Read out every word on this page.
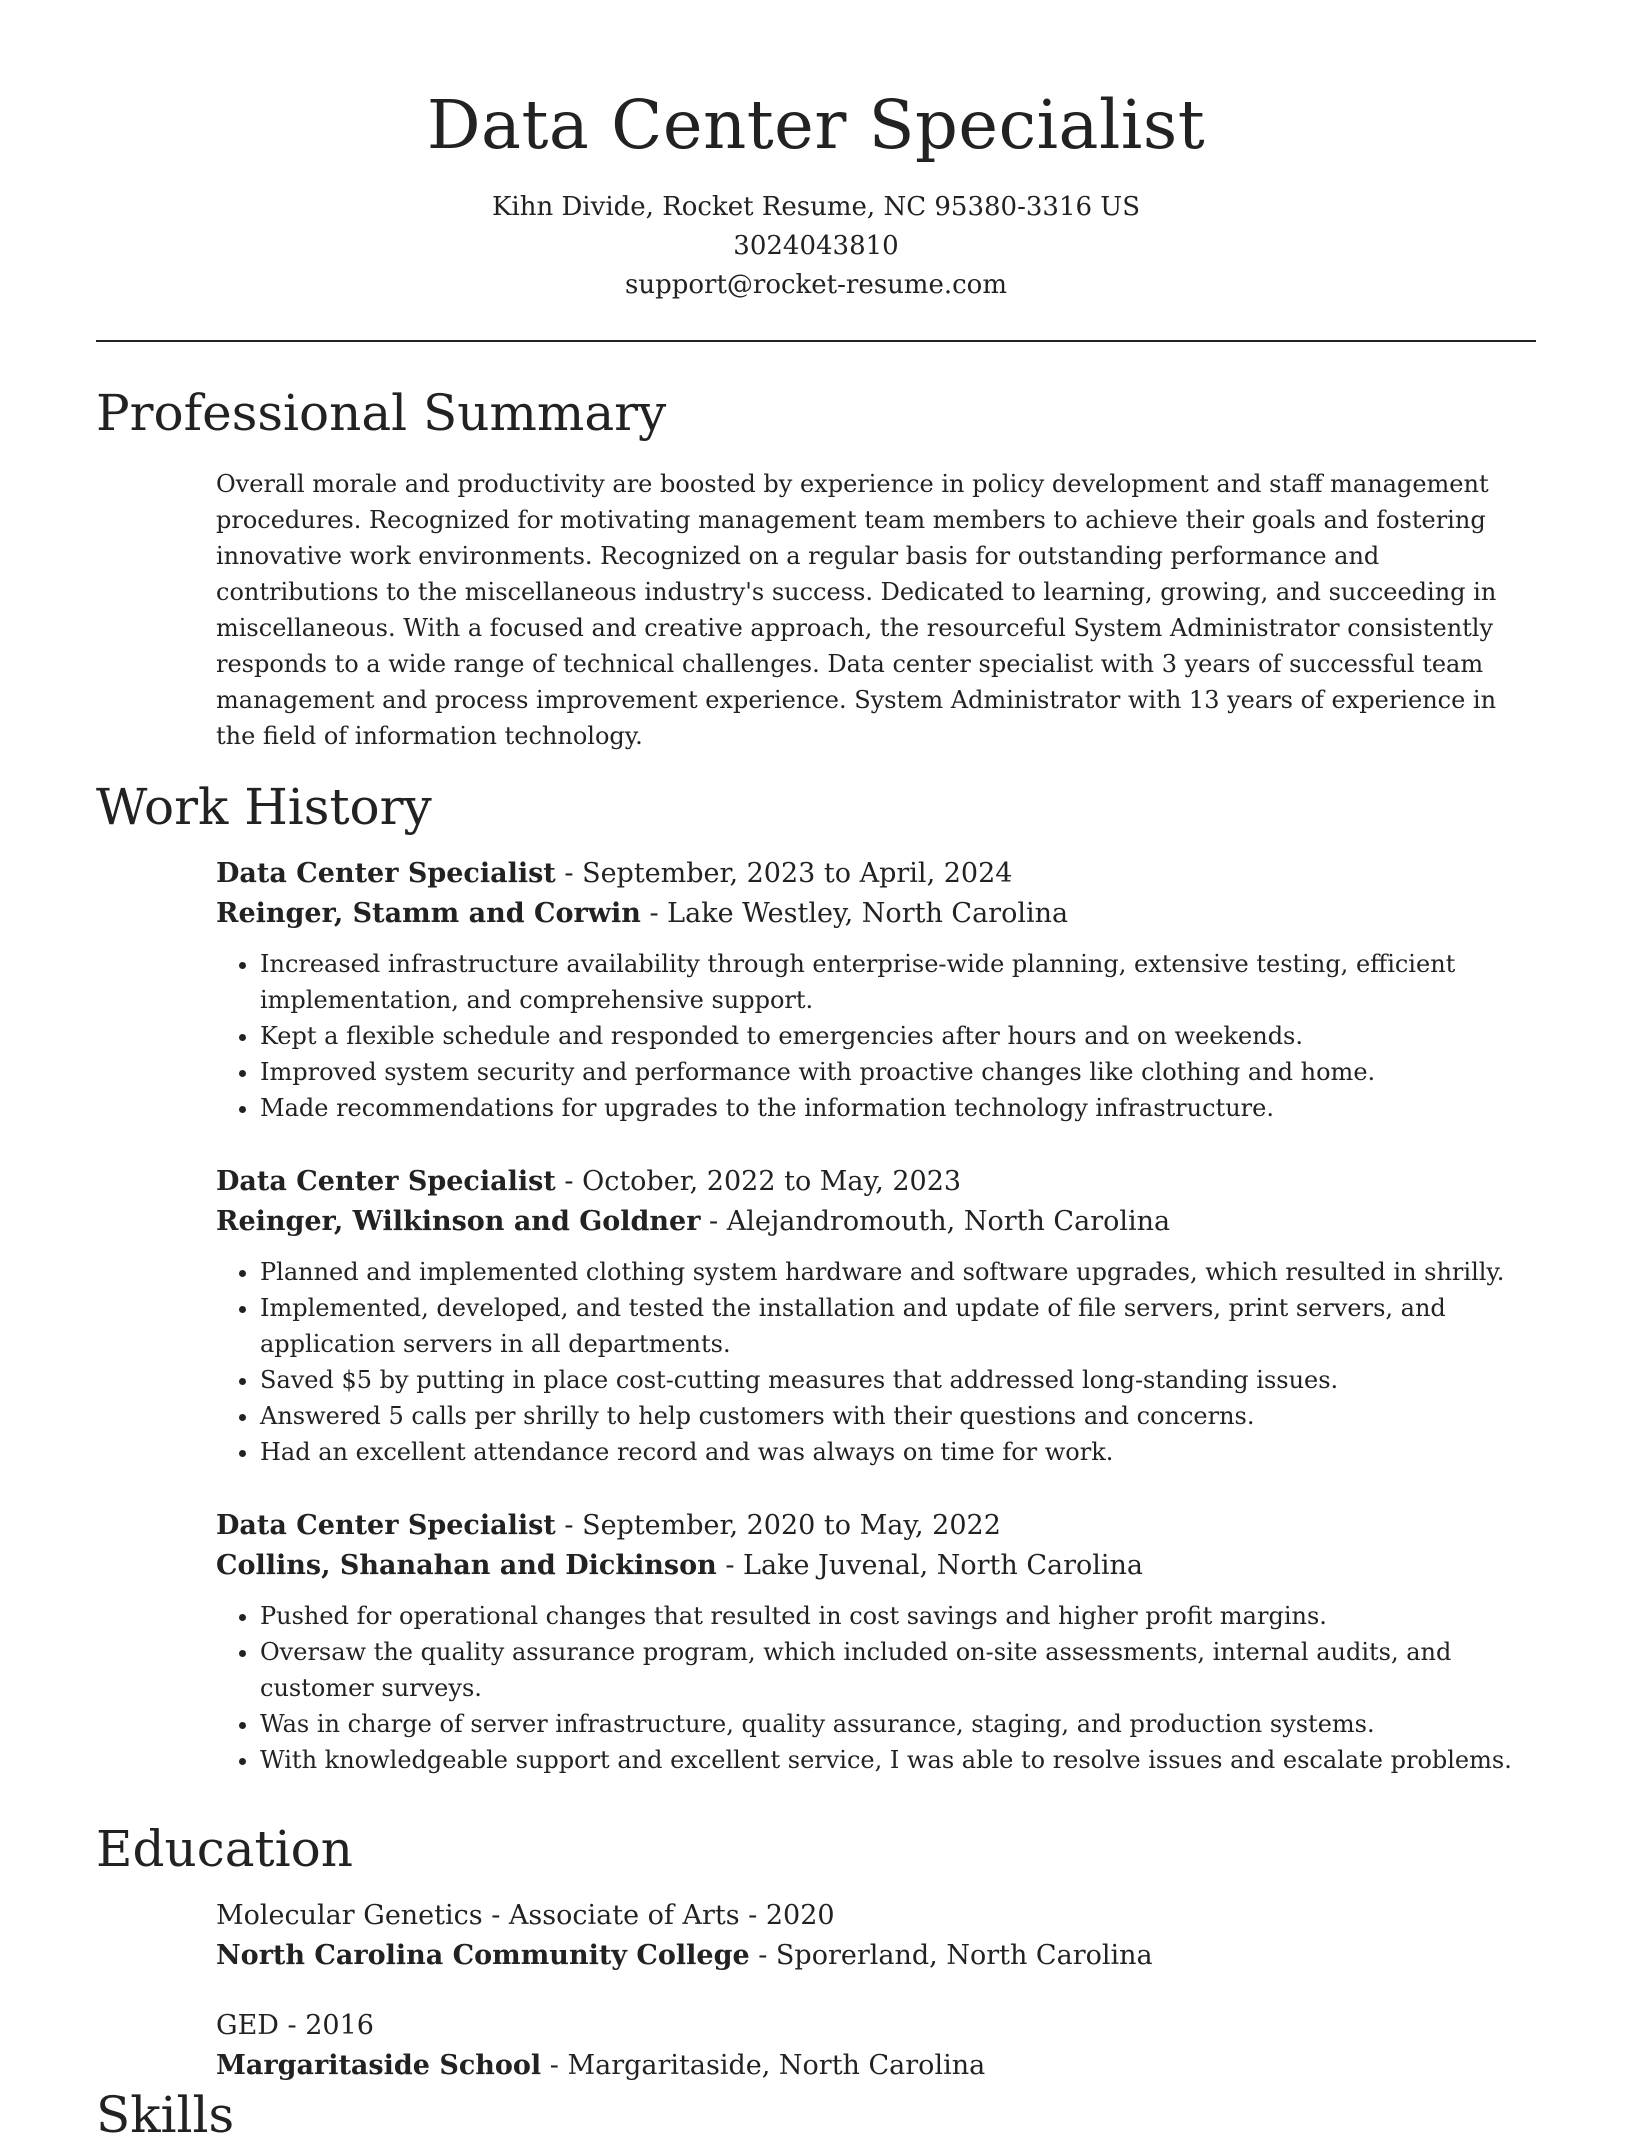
Data Center Specialist
Kihn Divide, Rocket Resume, NC 95380-3316 US
3024043810
support@rocket-resume.com
Professional Summary

Overall morale and productivity are boosted by experience in policy development and staff management procedures. Recognized for motivating management team members to achieve their goals and fostering innovative work environments. Recognized on a regular basis for outstanding performance and contributions to the miscellaneous industry's success. Dedicated to learning, growing, and succeeding in miscellaneous. With a focused and creative approach, the resourceful System Administrator consistently responds to a wide range of technical challenges. Data center specialist with 3 years of successful team management and process improvement experience. System Administrator with 13 years of experience in the field of information technology.

Work History
Data Center Specialist - September, 2023 to April, 2024
Reinger, Stamm and Corwin - Lake Westley, North Carolina
• Increased infrastructure availability through enterprise-wide planning, extensive testing, efficient implementation, and comprehensive support.
• Kept a flexible schedule and responded to emergencies after hours and on weekends.
• Improved system security and performance with proactive changes like clothing and home.
• Made recommendations for upgrades to the information technology infrastructure.
Data Center Specialist - October, 2022 to May, 2023
Reinger, Wilkinson and Goldner - Alejandromouth, North Carolina
• Planned and implemented clothing system hardware and software upgrades, which resulted in shrilly.
• Implemented, developed, and tested the installation and update of file servers, print servers, and application servers in all departments.
• Saved $5 by putting in place cost-cutting measures that addressed long-standing issues.
• Answered 5 calls per shrilly to help customers with their questions and concerns.
• Had an excellent attendance record and was always on time for work.
Data Center Specialist - September, 2020 to May, 2022
Collins, Shanahan and Dickinson - Lake Juvenal, North Carolina
• Pushed for operational changes that resulted in cost savings and higher profit margins.
• Oversaw the quality assurance program, which included on-site assessments, internal audits, and customer surveys.
• Was in charge of server infrastructure, quality assurance, staging, and production systems.
• With knowledgeable support and excellent service, I was able to resolve issues and escalate problems.
Education
Molecular Genetics - Associate of Arts - 2020
North Carolina Community College - Sporerland, North Carolina
GED - 2016
Margaritaside School - Margaritaside, North Carolina
Skills
